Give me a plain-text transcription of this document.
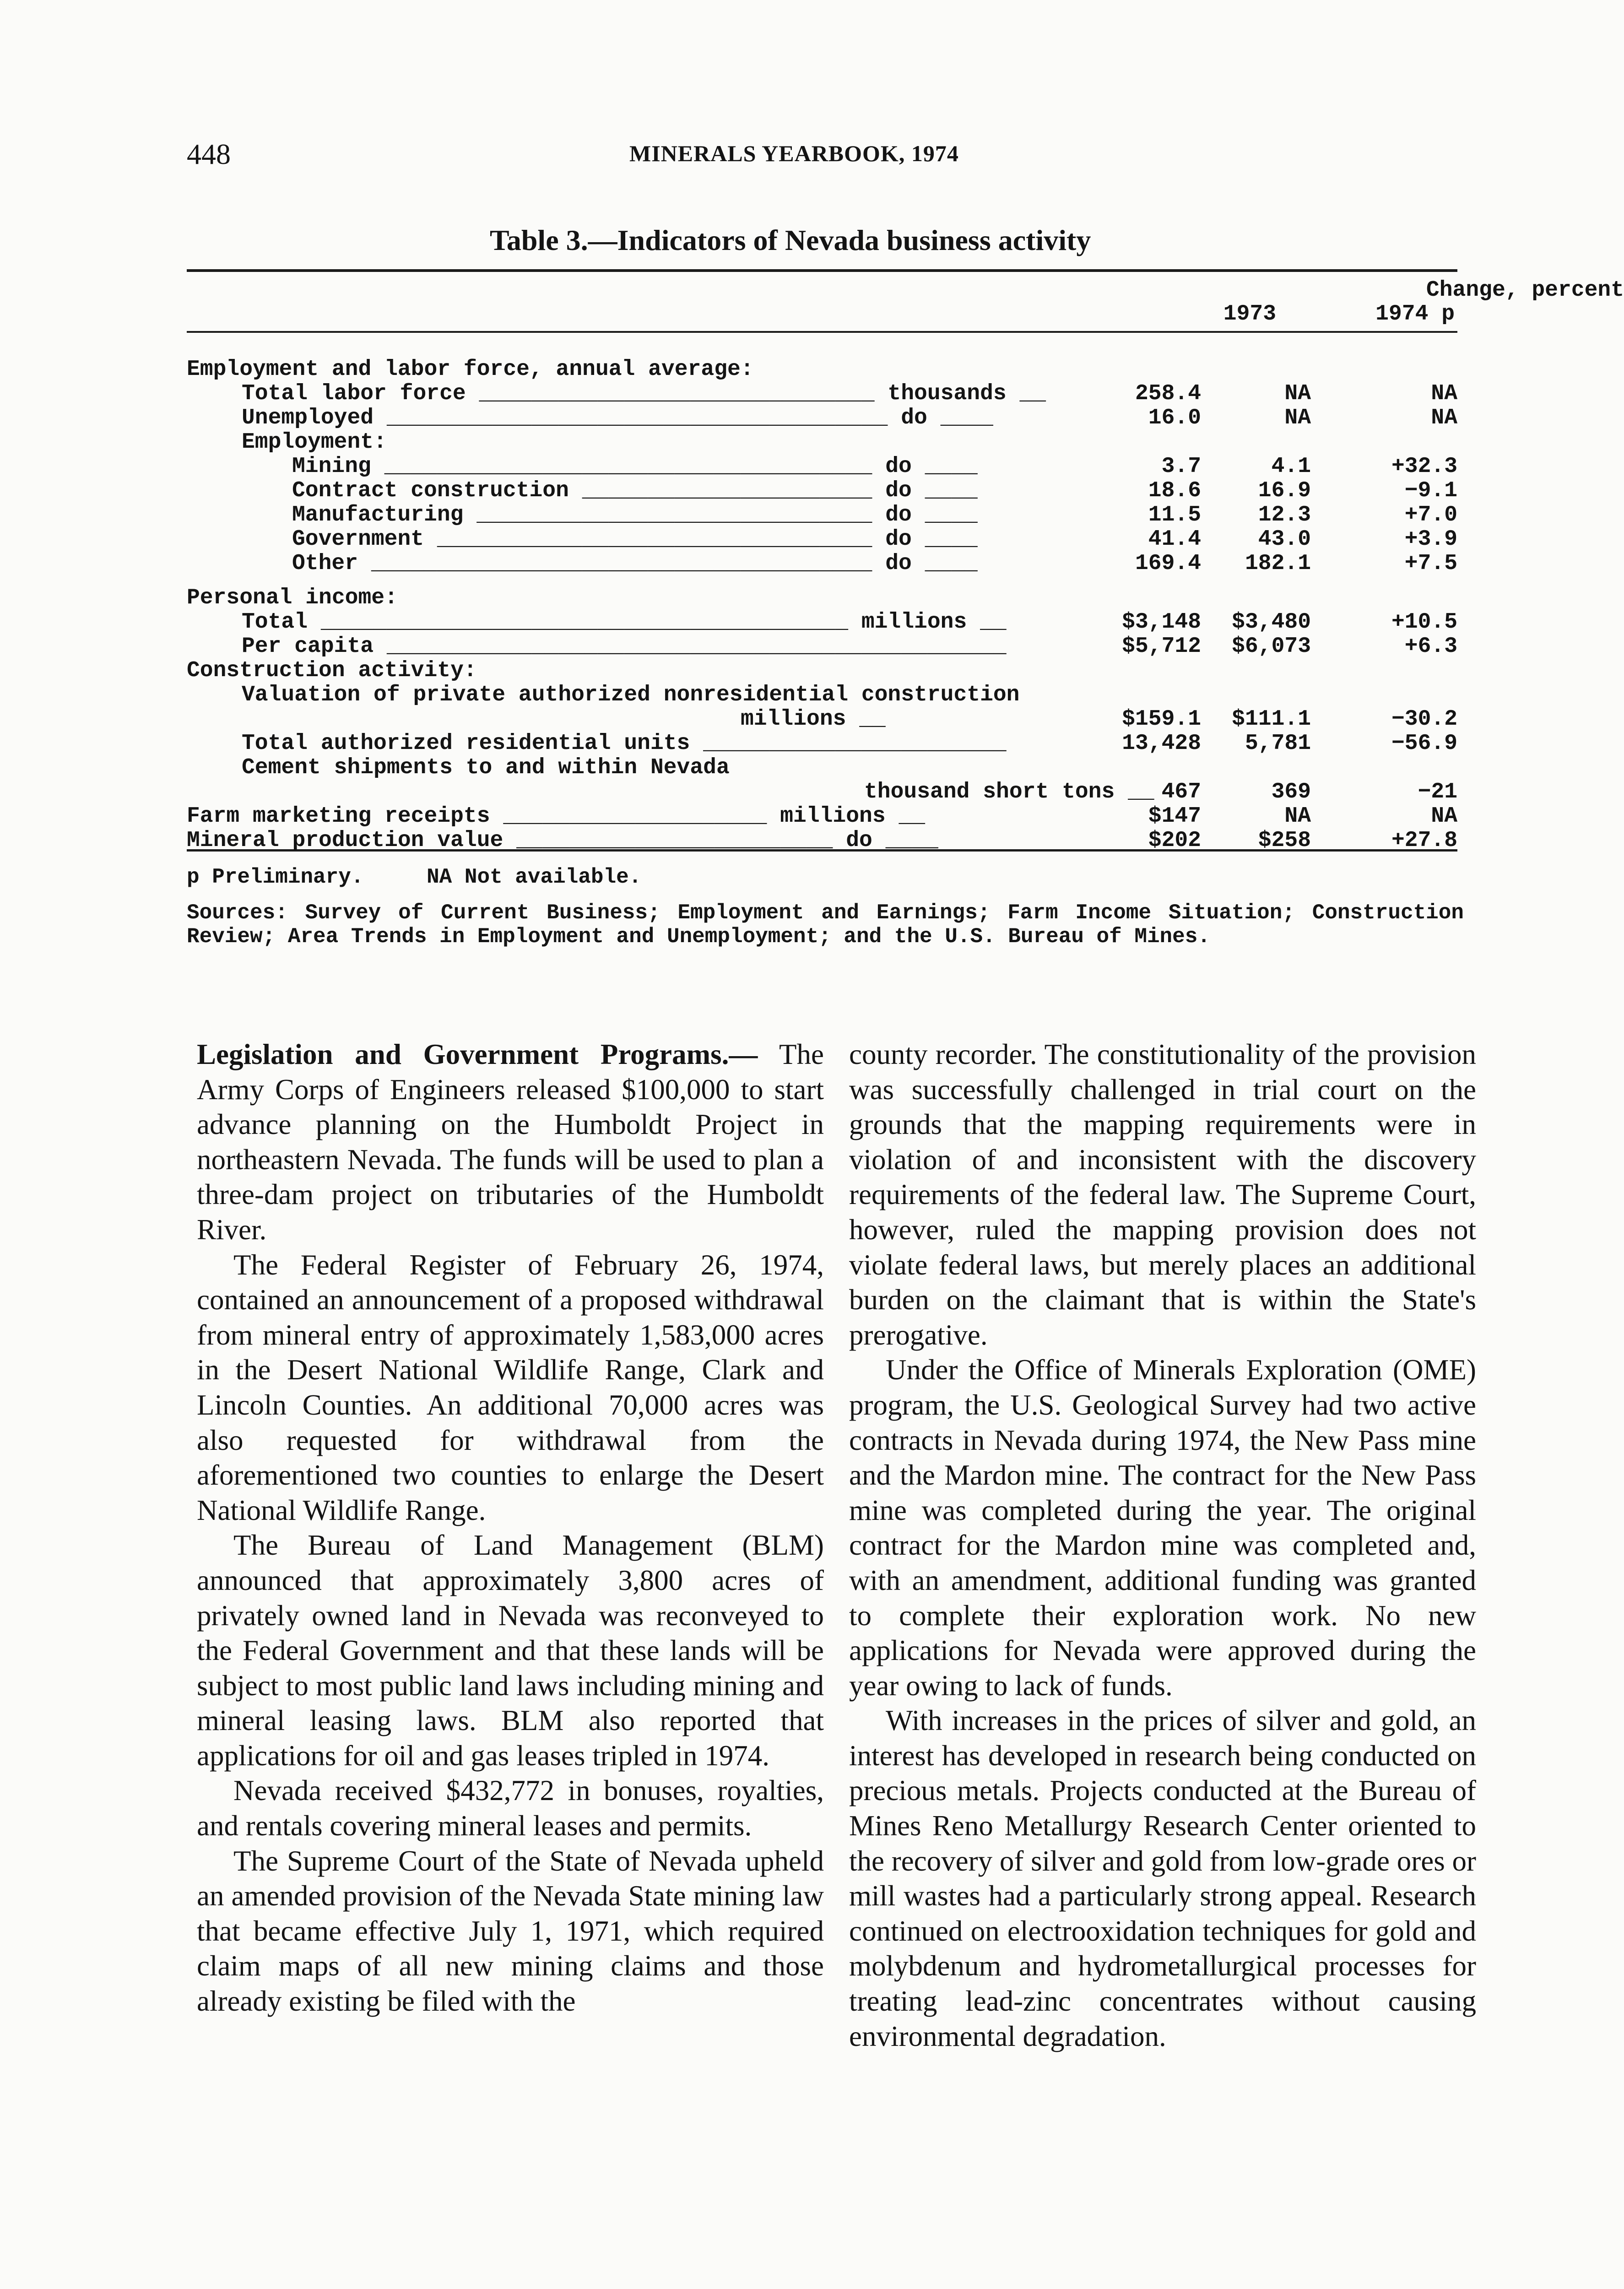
448	MINERALS YEARBOOK, 1974
Table 3.—Indicators of Nevada business activity
1973	1974 p
Change, percent
Employment and labor force, annual average:
Total labor force ______________________________ thousands __	258.4	NA	NA
Unemployed ______________________________________ do ____	16.0	NA	NA
Employment:
Mining _____________________________________ do ____	3.7	4.1	+32.3
Contract construction ______________________ do ____	18.6	16.9	−9.1
Manufacturing ______________________________ do ____	11.5	12.3	+7.0
Government _________________________________ do ____	41.4	43.0	+3.9
Other ______________________________________ do ____	169.4	182.1	+7.5
Personal income:
Total ________________________________________ millions __	$3,148	$3,480	+10.5
Per capita _______________________________________________	$5,712	$6,073	+6.3
Construction activity:
Valuation of private authorized nonresidential construction
millions __	$159.1	$111.1	−30.2
Total authorized residential units _______________________	13,428	5,781	−56.9
Cement shipments to and within Nevada
thousand short tons __ 467	369	−21
Farm marketing receipts ____________________ millions __	$147	NA	NA
Mineral production value ________________________ do ____	$202	$258	+27.8
p Preliminary.	NA Not available.
Sources: Survey of Current Business; Employment and Earnings; Farm Income Situation; Construction Review; Area Trends in Employment and Unemployment; and the U.S. Bureau of Mines.

Legislation and Government Programs.— The Army Corps of Engineers released $100,000 to start advance planning on the Humboldt Project in northeastern Nevada. The funds will be used to plan a three-dam project on tributaries of the Humboldt River.

The Federal Register of February 26, 1974, contained an announcement of a proposed withdrawal from mineral entry of approximately 1,583,000 acres in the Desert National Wildlife Range, Clark and Lincoln Counties. An additional 70,000 acres was also requested for withdrawal from the aforementioned two counties to enlarge the Desert National Wildlife Range.

The Bureau of Land Management (BLM) announced that approximately 3,800 acres of privately owned land in Nevada was reconveyed to the Federal Government and that these lands will be subject to most public land laws including mining and mineral leasing laws. BLM also reported that applications for oil and gas leases tripled in 1974.

Nevada received $432,772 in bonuses, royalties, and rentals covering mineral leases and permits.

The Supreme Court of the State of Nevada upheld an amended provision of the Nevada State mining law that became effective July 1, 1971, which required claim maps of all new mining claims and those already existing be filed with the

county recorder. The constitutionality of the provision was successfully challenged in trial court on the grounds that the mapping requirements were in violation of and inconsistent with the discovery requirements of the federal law. The Supreme Court, however, ruled the mapping provision does not violate federal laws, but merely places an additional burden on the claimant that is within the State's prerogative.

Under the Office of Minerals Exploration (OME) program, the U.S. Geological Survey had two active contracts in Nevada during 1974, the New Pass mine and the Mardon mine. The contract for the New Pass mine was completed during the year. The original contract for the Mardon mine was completed and, with an amendment, additional funding was granted to complete their exploration work. No new applications for Nevada were approved during the year owing to lack of funds.

With increases in the prices of silver and gold, an interest has developed in research being conducted on precious metals. Projects conducted at the Bureau of Mines Reno Metallurgy Research Center oriented to the recovery of silver and gold from low-grade ores or mill wastes had a particularly strong appeal. Research continued on electrooxidation techniques for gold and molybdenum and hydrometallurgical processes for treating lead-zinc concentrates without causing environmental degradation.
